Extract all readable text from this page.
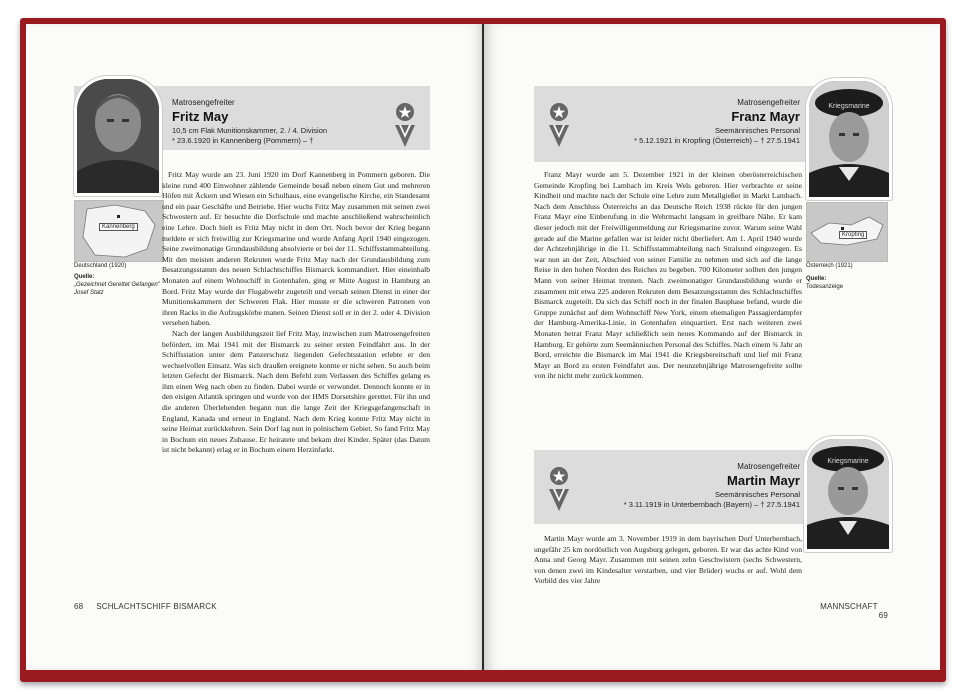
Matrosengefreiter
Fritz May
10,5 cm Flak Munitionskammer, 2. / 4. Division
* 23.6.1920 in Kannenberg (Pommern) – †
Kannenberg
Deutschland (1920)
Quelle:
„Gezeichnet Gerettet Gefangen" Josef Statz

Fritz May wurde am 23. Juni 1920 im Dorf Kannenberg in Pommern geboren. Die kleine rund 400 Einwohner zählende Gemeinde besaß neben einem Gut und mehreren Höfen mit Äckern und Wiesen ein Schulhaus, eine evangelische Kirche, ein Standesamt und ein paar Geschäfte und Betriebe. Hier wuchs Fritz May zusammen mit seinen zwei Schwestern auf. Er besuchte die Dorfschule und machte anschließend wahrscheinlich eine Lehre. Doch hielt es Fritz May nicht in dem Ort. Noch bevor der Krieg begann meldete er sich freiwillig zur Kriegsmarine und wurde Anfang April 1940 eingezogen. Seine zweimonatige Grundausbildung absolvierte er bei der 11. Schiffsstammabteilung. Mit den meisten anderen Rekruten wurde Fritz May nach der Grundausbildung zum Besatzungsstamm des neuen Schlachtschiffes Bismarck kommandiert. Hier eineinhalb Monaten auf einem Wohnschiff in Gotenhafen, ging er Mitte August in Hamburg an Bord. Fritz May wurde der Flugabwehr zugeteilt und versah seinen Dienst in einer der Munitionskammern der Schweren Flak. Hier musste er die schweren Patronen von ihren Racks in die Aufzugskörbe manen. Seinen Dienst soll er in der 2. oder 4. Division versehen haben.

Nach der langen Ausbildungszeit lief Fritz May, inzwischen zum Matrosengefreiten befördert, im Mai 1941 mit der Bismarck zu seiner ersten Feindfahrt aus. In der Schiffsstation unter dem Panzerschutz liegenden Gefechtsstation erlebte er den wechselvollen Einsatz. Was sich draußen ereignete konnte er nicht sehen. So auch beim letzten Gefecht der Bismarck. Nach dem Befehl zum Verlassen des Schiffes gelang es ihm einen Weg nach oben zu finden. Dabei wurde er verwundet. Dennoch konnte er in den eisigen Atlantik springen und wurde von der HMS Dorsetshire gerettet. Für ihn und die anderen Überlebenden begann nun die lange Zeit der Kriegsgefangenschaft in England, Kanada und erneut in England. Nach dem Krieg konnte Fritz May nicht in seine Heimat zurückkehren. Sein Dorf lag nun in polnischem Gebiet. So fand Fritz May in Bochum ein neues Zuhause. Er heiratete und bekam drei Kinder. Später (das Datum ist nicht bekannt) erlag er in Bochum einem Herzinfarkt.

68 SCHLACHTSCHIFF BISMARCK
Matrosengefreiter
Franz Mayr
Seemännisches Personal
* 5.12.1921 in Kropfing (Österreich) – † 27.5.1941
Kriegsmarine
Kropfing
Österreich (1921)
Quelle:
Todesanzeige

Franz Mayr wurde am 5. Dezember 1921 in der kleinen oberösterreichischen Gemeinde Kropfing bei Lambach im Kreis Wels geboren. Hier verbrachte er seine Kindheit und machte nach der Schule eine Lehre zum Metallgießer in Markt Lambach. Nach dem Anschluss Österreichs an das Deutsche Reich 1938 rückte für den jungen Franz Mayr eine Einberufung in die Wehrmacht langsam in greifbare Nähe. Er kam dieser jedoch mit der Freiwilligenmeldung zur Kriegsmarine zuvor. Warum seine Wahl gerade auf die Marine gefallen war ist leider nicht überliefert. Am 1. April 1940 wurde der Achtzehnjährige in die 11. Schiffsstammabteilung nach Stralsund eingezogen. Es war nun an der Zeit, Abschied von seiner Familie zu nehmen und sich auf die lange Reise in den hohen Norden des Reiches zu begeben. 700 Kilometer sollten den jungen Mann von seiner Heimat trennen. Nach zweimonatiger Grundausbildung wurde er zusammen mit etwa 225 anderen Rekruten dem Besatzungsstamm des Schlachtschiffes Bismarck zugeteilt. Da sich das Schiff noch in der finalen Bauphase befand, wurde die Gruppe zunächst auf dem Wohnschiff New York, einem ehemaligen Passagierdampfer der Hamburg-Amerika-Linie, in Gotenhafen einquartiert. Erst nach weiteren zwei Monaten betrat Franz Mayr schließlich sein neues Kommando auf der Bismarck in Hamburg. Er gehörte zum Seemännischen Personal des Schiffes. Nach einem ¾ Jahr an Bord, erreichte die Bismarck im Mai 1941 die Kriegsbereitschaft und lief mit Franz Mayr an Bord zu ersten Feindfahrt aus. Der neunzehnjährige Matrosengefreite sollte von ihr nicht mehr zurück kommen.

Matrosengefreiter
Martin Mayr
Seemännisches Personal
* 3.11.1919 in Unterbernbach (Bayern) – † 27.5.1941
Kriegsmarine

Martin Mayr wurde am 3. November 1919 in dem bayrischen Dorf Unterbernbach, ungefähr 25 km nordöstlich von Augsburg gelegen, geboren. Er war das achte Kind von Anna und Georg Mayr. Zusammen mit seinen zehn Geschwistern (sechs Schwestern, von denen zwei im Kindesalter verstarben, und vier Brüder) wuchs er auf. Wohl dem Vorbild des vier Jahre

MANNSCHAFT  69
